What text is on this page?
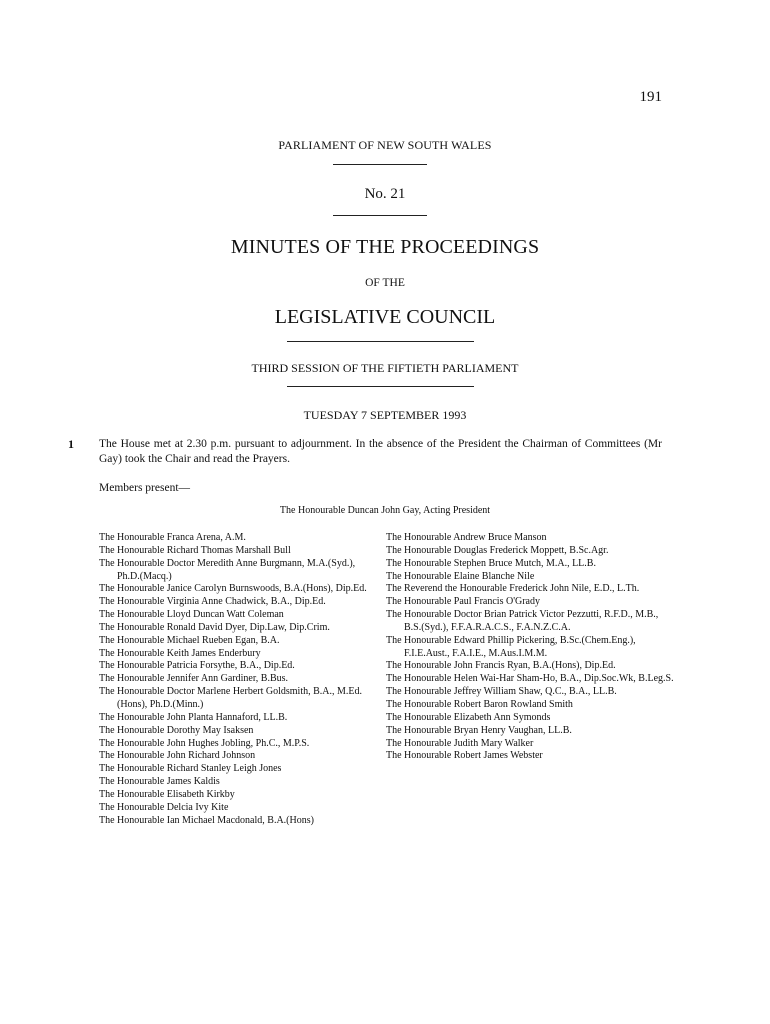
191
PARLIAMENT OF NEW SOUTH WALES
No. 21
MINUTES OF THE PROCEEDINGS
OF THE
LEGISLATIVE COUNCIL
THIRD SESSION OF THE FIFTIETH PARLIAMENT
TUESDAY 7 SEPTEMBER 1993
1 The House met at 2.30 p.m. pursuant to adjournment. In the absence of the President the Chairman of Committees (Mr Gay) took the Chair and read the Prayers.
Members present—
The Honourable Duncan John Gay, Acting President
The Honourable Franca Arena, A.M.
The Honourable Richard Thomas Marshall Bull
The Honourable Doctor Meredith Anne Burgmann, M.A.(Syd.), Ph.D.(Macq.)
The Honourable Janice Carolyn Burnswoods, B.A.(Hons), Dip.Ed.
The Honourable Virginia Anne Chadwick, B.A., Dip.Ed.
The Honourable Lloyd Duncan Watt Coleman
The Honourable Ronald David Dyer, Dip.Law, Dip.Crim.
The Honourable Michael Rueben Egan, B.A.
The Honourable Keith James Enderbury
The Honourable Patricia Forsythe, B.A., Dip.Ed.
The Honourable Jennifer Ann Gardiner, B.Bus.
The Honourable Doctor Marlene Herbert Goldsmith, B.A., M.Ed.(Hons), Ph.D.(Minn.)
The Honourable John Planta Hannaford, LL.B.
The Honourable Dorothy May Isaksen
The Honourable John Hughes Jobling, Ph.C., M.P.S.
The Honourable John Richard Johnson
The Honourable Richard Stanley Leigh Jones
The Honourable James Kaldis
The Honourable Elisabeth Kirkby
The Honourable Delcia Ivy Kite
The Honourable Ian Michael Macdonald, B.A.(Hons)
The Honourable Andrew Bruce Manson
The Honourable Douglas Frederick Moppett, B.Sc.Agr.
The Honourable Stephen Bruce Mutch, M.A., LL.B.
The Honourable Elaine Blanche Nile
The Reverend the Honourable Frederick John Nile, E.D., L.Th.
The Honourable Paul Francis O'Grady
The Honourable Doctor Brian Patrick Victor Pezzutti, R.F.D., M.B., B.S.(Syd.), F.F.A.R.A.C.S., F.A.N.Z.C.A.
The Honourable Edward Phillip Pickering, B.Sc.(Chem.Eng.), F.I.E.Aust., F.A.I.E., M.Aus.I.M.M.
The Honourable John Francis Ryan, B.A.(Hons), Dip.Ed.
The Honourable Helen Wai-Har Sham-Ho, B.A., Dip.Soc.Wk, B.Leg.S.
The Honourable Jeffrey William Shaw, Q.C., B.A., LL.B.
The Honourable Robert Baron Rowland Smith
The Honourable Elizabeth Ann Symonds
The Honourable Bryan Henry Vaughan, LL.B.
The Honourable Judith Mary Walker
The Honourable Robert James Webster
